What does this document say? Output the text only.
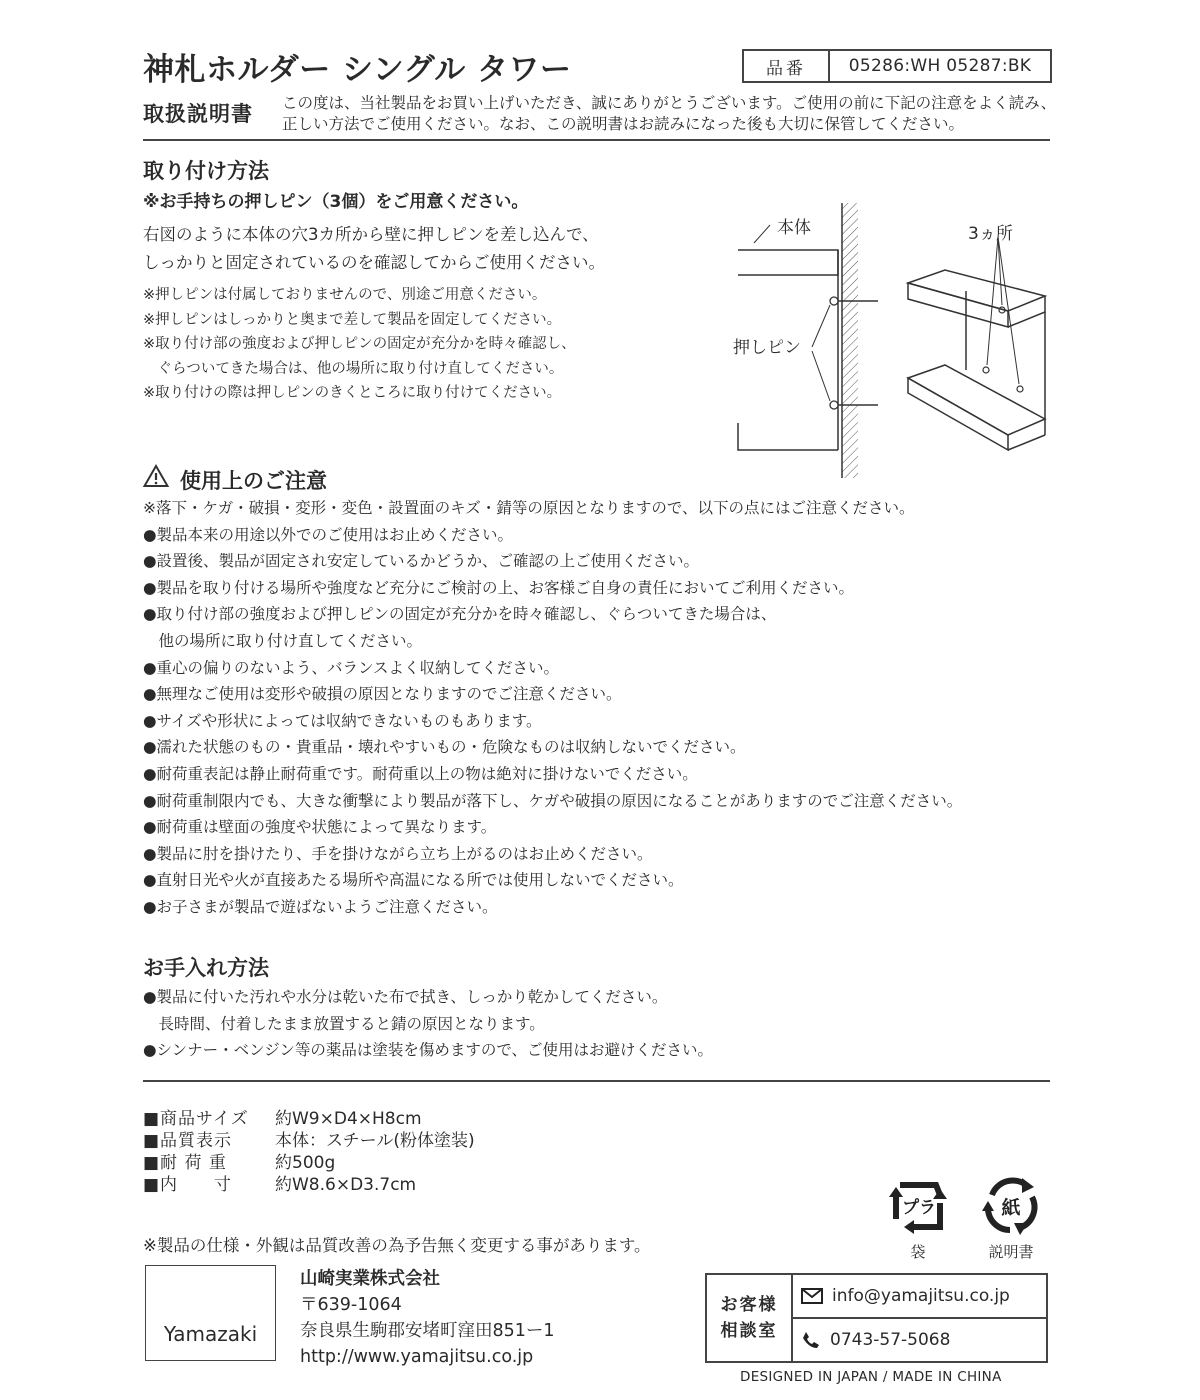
神札ホルダー シングル タワー	品番	05286:WH 05287:BK
取扱説明書 この度は、当社製品をお買い上げいただき、誠にありがとうございます。ご使用の前に下記の注意をよく読み、
正しい方法でご使用ください。なお、この説明書はお読みになった後も大切に保管してください。
取り付け方法
※お手持ちの押しピン（3個）をご用意ください。
右図のように本体の穴3カ所から壁に押しピンを差し込んで、
しっかりと固定されているのを確認してからご使用ください。
※押しピンは付属しておりませんので、別途ご用意ください。
※押しピンはしっかりと奥まで差して製品を固定してください。
※取り付け部の強度および押しピンの固定が充分かを時々確認し、
　ぐらついてきた場合は、他の場所に取り付け直してください。
※取り付けの際は押しピンのきくところに取り付けてください。
本体
押しピン
3ヵ所
使用上のご注意
※落下・ケガ・破損・変形・変色・設置面のキズ・錆等の原因となりますので、以下の点にはご注意ください。
●製品本来の用途以外でのご使用はお止めください。
●設置後、製品が固定され安定しているかどうか、ご確認の上ご使用ください。
●製品を取り付ける場所や強度など充分にご検討の上、お客様ご自身の責任においてご利用ください。
●取り付け部の強度および押しピンの固定が充分かを時々確認し、ぐらついてきた場合は、
　他の場所に取り付け直してください。
●重心の偏りのないよう、バランスよく収納してください。
●無理なご使用は変形や破損の原因となりますのでご注意ください。
●サイズや形状によっては収納できないものもあります。
●濡れた状態のもの・貴重品・壊れやすいもの・危険なものは収納しないでください。
●耐荷重表記は静止耐荷重です。耐荷重以上の物は絶対に掛けないでください。
●耐荷重制限内でも、大きな衝撃により製品が落下し、ケガや破損の原因になることがありますのでご注意ください。
●耐荷重は壁面の強度や状態によって異なります。
●製品に肘を掛けたり、手を掛けながら立ち上がるのはお止めください。
●直射日光や火が直接あたる場所や高温になる所では使用しないでください。
●お子さまが製品で遊ばないようご注意ください。
お手入れ方法
●製品に付いた汚れや水分は乾いた布で拭き、しっかり乾かしてください。
　長時間、付着したまま放置すると錆の原因となります。
●シンナー・ベンジン等の薬品は塗装を傷めますので、ご使用はお避けください。
■商品サイズ	約W9×D4×H8cm
■品質表示	本体：スチール(粉体塗装)
■耐 荷 重	約500g
■内　　寸	約W8.6×D3.7cm
プラ
袋
紙
説明書
※製品の仕様・外観は品質改善の為予告無く変更する事があります。
Yamazaki
山崎実業株式会社
〒639-1064
奈良県生駒郡安堵町窪田851ー1
http://www.yamajitsu.co.jp
お客様
相談室
info@yamajitsu.co.jp
0743-57-5068
DESIGNED IN JAPAN / MADE IN CHINA
